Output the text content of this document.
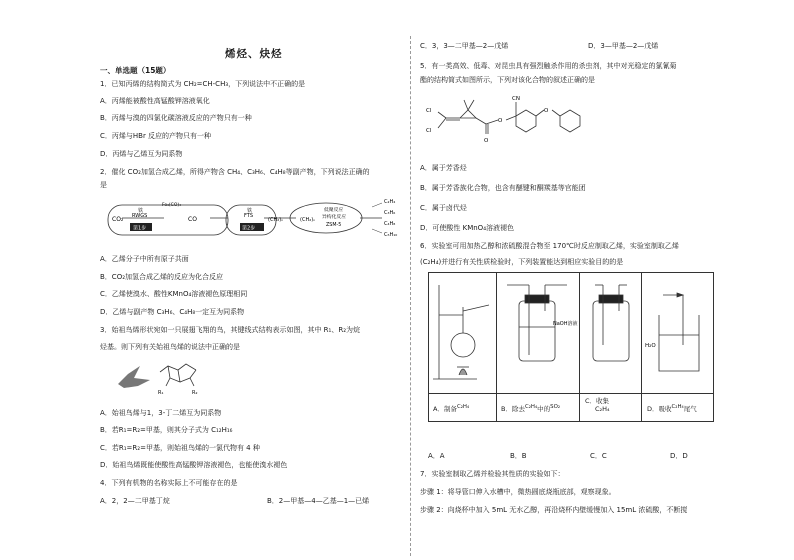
烯烃、炔烃
一、单选题（15题）
1．已知丙烯的结构简式为 CH₂=CH-CH₃，下列说法中不正确的是
A．丙烯能被酸性高锰酸钾溶液氧化
B．丙烯与溴的四氯化碳溶液反应的产物只有一种
C．丙烯与HBr 反应的产物只有一种
D．丙烯与乙烯互为同系物
2．催化 CO₂加氢合成乙烯，所得产物含 CH₄、C₃H₆、C₄H₈等副产物，下列说法正确的
是
CO₂
铁
RWGS
Fe₃(CO)₄
第1步
CO
铁
FTS
第2步
(CH₂)ₙ	(CH₂)ₙ
低聚反应
异构化反应
ZSM-5
C₂H₄
C₃H₆
C₄H₈
C₅H₁₀
A．乙烯分子中所有原子共面
B．CO₂加氢合成乙烯的反应为化合反应
C．乙烯使溴水、酸性KMnO₄溶液褪色原理相同
D．乙烯与副产物 C₃H₆、C₄H₈一定互为同系物
3．始祖鸟烯形状宛如一只展翅飞翔的鸟，其键线式结构表示如图，其中 R₁、R₂为烷
烃基。则下列有关始祖鸟烯的说法中正确的是
R₁	R₂
A．始祖鸟烯与1，3-丁二烯互为同系物
B．若R₁=R₂=甲基，则其分子式为 C₁₂H₁₆
C．若R₁=R₂=甲基，则始祖鸟烯的一氯代物有 4 种
D．始祖鸟烯既能使酸性高锰酸钾溶液褪色，也能使溴水褪色
4．下列有机物的名称实际上不可能存在的是
A．2，2—二甲基丁烷	B．2—甲基—4—乙基—1—已烯
C．3，3—二甲基—2—戊烯	D．3—甲基—2—戊烯
5．有一类高效、低毒、对昆虫具有强烈触杀作用的杀虫剂，其中对光稳定的氯氰菊
酯的结构简式如图所示，下列对该化合物的叙述正确的是
Cl
Cl
CN
O
O
O
A．属于芳香烃
B．属于芳香族化合物，也含有醚键和酮羰基等官能团
C．属于卤代烃
D．可使酸性 KMnO₄溶液褪色
6．实验室可用加热乙醇和浓硫酸混合物至 170℃时反应制取乙烯，实验室制取乙烯
(C₂H₄)并进行有关性质检验时，下列装置能达到相应实验目的的是
NaOH溶液
H₂O
A．制备$^{C_2H_4}$	B．除去$^{C_2H_4}$中的$^{SO_2}$
C．收集
C₂H₄	D．吸收$^{C_2H_4}$尾气
A．A	B．B	C．C	D．D
7．实验室制取乙烯并检验其性质的实验如下：
步骤 1：将导管口伸入水槽中，微热圆底烧瓶底部，观察现象。
步骤 2：向烧杯中加入 5mL 无水乙醇，再沿烧杯内壁缓慢加入 15mL 浓硫酸，不断搅
